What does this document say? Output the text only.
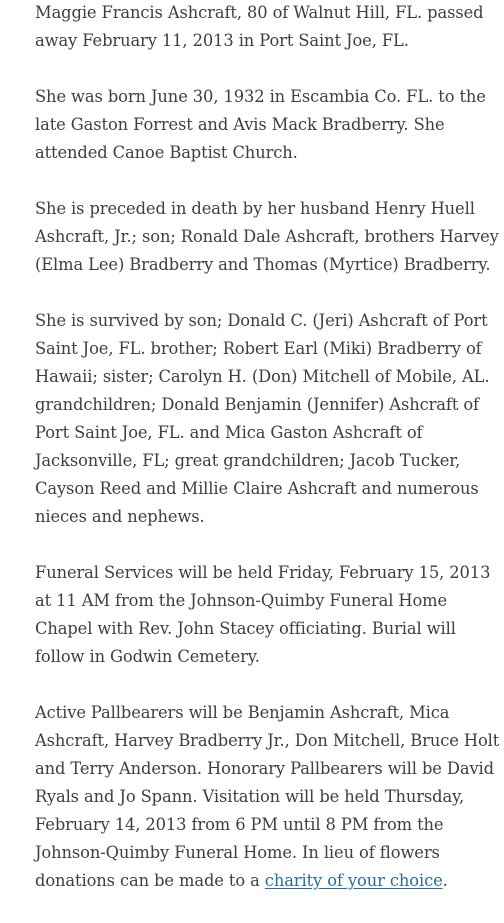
Maggie Francis Ashcraft, 80 of Walnut Hill, FL. passed
away February 11, 2013 in Port Saint Joe, FL.

She was born June 30, 1932 in Escambia Co. FL. to the
late Gaston Forrest and Avis Mack Bradberry. She
attended Canoe Baptist Church.

She is preceded in death by her husband Henry Huell
Ashcraft, Jr.; son; Ronald Dale Ashcraft, brothers Harvey
(Elma Lee) Bradberry and Thomas (Myrtice) Bradberry.

She is survived by son; Donald C. (Jeri) Ashcraft of Port
Saint Joe, FL. brother; Robert Earl (Miki) Bradberry of
Hawaii; sister; Carolyn H. (Don) Mitchell of Mobile, AL.
grandchildren; Donald Benjamin (Jennifer) Ashcraft of
Port Saint Joe, FL. and Mica Gaston Ashcraft of
Jacksonville, FL; great grandchildren; Jacob Tucker,
Cayson Reed and Millie Claire Ashcraft and numerous
nieces and nephews.

Funeral Services will be held Friday, February 15, 2013
at 11 AM from the Johnson-Quimby Funeral Home
Chapel with Rev. John Stacey officiating. Burial will
follow in Godwin Cemetery.

Active Pallbearers will be Benjamin Ashcraft, Mica
Ashcraft, Harvey Bradberry Jr., Don Mitchell, Bruce Holt
and Terry Anderson. Honorary Pallbearers will be David
Ryals and Jo Spann. Visitation will be held Thursday,
February 14, 2013 from 6 PM until 8 PM from the
Johnson-Quimby Funeral Home. In lieu of flowers
donations can be made to a charity of your choice.
